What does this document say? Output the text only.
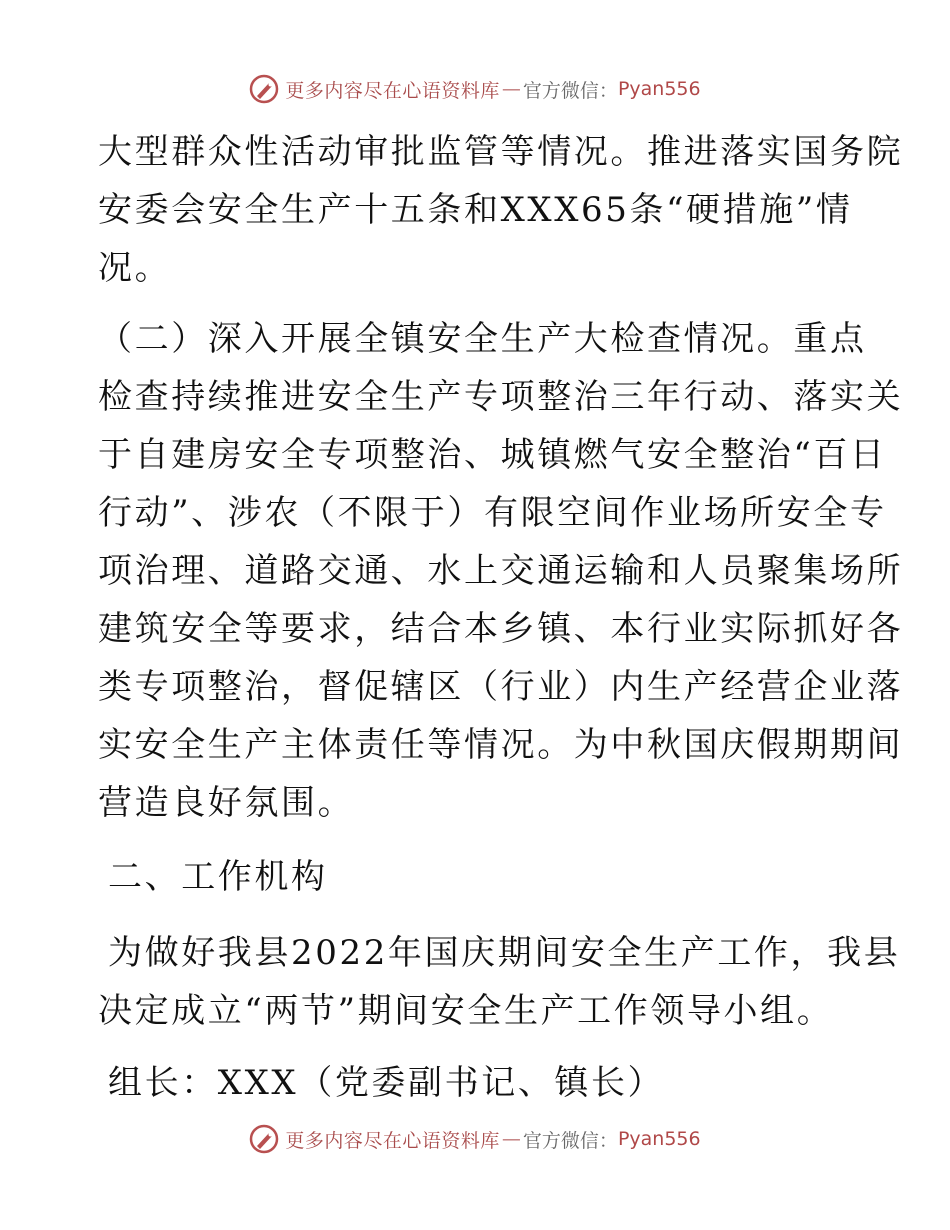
更多内容尽在心语资料库 — 官方微信： Pyan556
大型群众性活动审批监管等情况。推进落实国务院
安委会安全生产十五条和XXX65条“硬措施”情
况。
（二）深入开展全镇安全生产大检查情况。重点
检查持续推进安全生产专项整治三年行动、落实关
于自建房安全专项整治、城镇燃气安全整治“百日
行动”、涉农（不限于）有限空间作业场所安全专
项治理、道路交通、水上交通运输和人员聚集场所
建筑安全等要求，结合本乡镇、本行业实际抓好各
类专项整治，督促辖区（行业）内生产经营企业落
实安全生产主体责任等情况。为中秋国庆假期期间
营造良好氛围。
二、工作机构
为做好我县2022年国庆期间安全生产工作，我县
决定成立“两节”期间安全生产工作领导小组。
组长：XXX（党委副书记、镇长）
更多内容尽在心语资料库 — 官方微信： Pyan556
